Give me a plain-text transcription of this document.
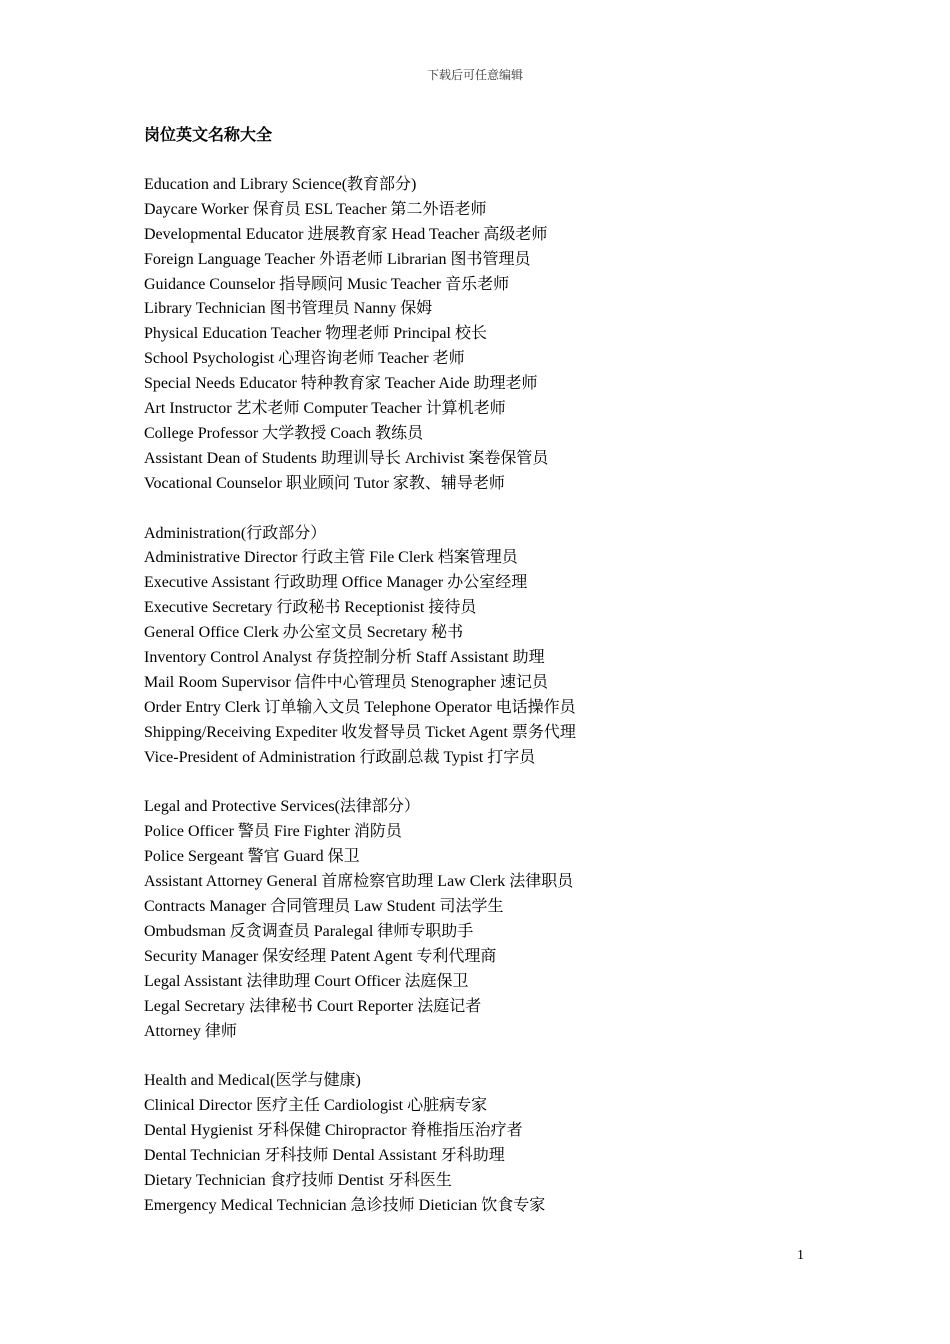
下载后可任意编辑
岗位英文名称大全
Education and Library Science(教育部分)
Daycare Worker 保育员 ESL Teacher 第二外语老师
Developmental Educator 进展教育家 Head Teacher 高级老师
Foreign Language Teacher 外语老师 Librarian 图书管理员
Guidance Counselor 指导顾问 Music Teacher 音乐老师
Library Technician 图书管理员 Nanny 保姆
Physical Education Teacher 物理老师 Principal 校长
School Psychologist 心理咨询老师 Teacher 老师
Special Needs Educator 特种教育家 Teacher Aide 助理老师
Art Instructor 艺术老师 Computer Teacher 计算机老师
College Professor 大学教授 Coach 教练员
Assistant Dean of Students 助理训导长 Archivist 案卷保管员
Vocational Counselor 职业顾问 Tutor 家教、辅导老师
Administration(行政部分）
Administrative Director 行政主管 File Clerk 档案管理员
Executive Assistant 行政助理 Office Manager 办公室经理
Executive Secretary 行政秘书 Receptionist 接待员
General Office Clerk 办公室文员 Secretary 秘书
Inventory Control Analyst 存货控制分析 Staff Assistant 助理
Mail Room Supervisor 信件中心管理员 Stenographer 速记员
Order Entry Clerk 订单输入文员 Telephone Operator 电话操作员
Shipping/Receiving Expediter 收发督导员 Ticket Agent 票务代理
Vice-President of Administration 行政副总裁 Typist 打字员
Legal and Protective Services(法律部分）
Police Officer 警员 Fire Fighter 消防员
Police Sergeant 警官 Guard 保卫
Assistant Attorney General 首席检察官助理 Law Clerk 法律职员
Contracts Manager 合同管理员 Law Student 司法学生
Ombudsman 反贪调查员 Paralegal 律师专职助手
Security Manager 保安经理 Patent Agent 专利代理商
Legal Assistant 法律助理 Court Officer 法庭保卫
Legal Secretary 法律秘书 Court Reporter 法庭记者
Attorney 律师
Health and Medical(医学与健康)
Clinical Director 医疗主任 Cardiologist 心脏病专家
Dental Hygienist 牙科保健 Chiropractor 脊椎指压治疗者
Dental Technician 牙科技师 Dental Assistant 牙科助理
Dietary Technician 食疗技师 Dentist 牙科医生
Emergency Medical Technician 急诊技师 Dietician 饮食专家
1
